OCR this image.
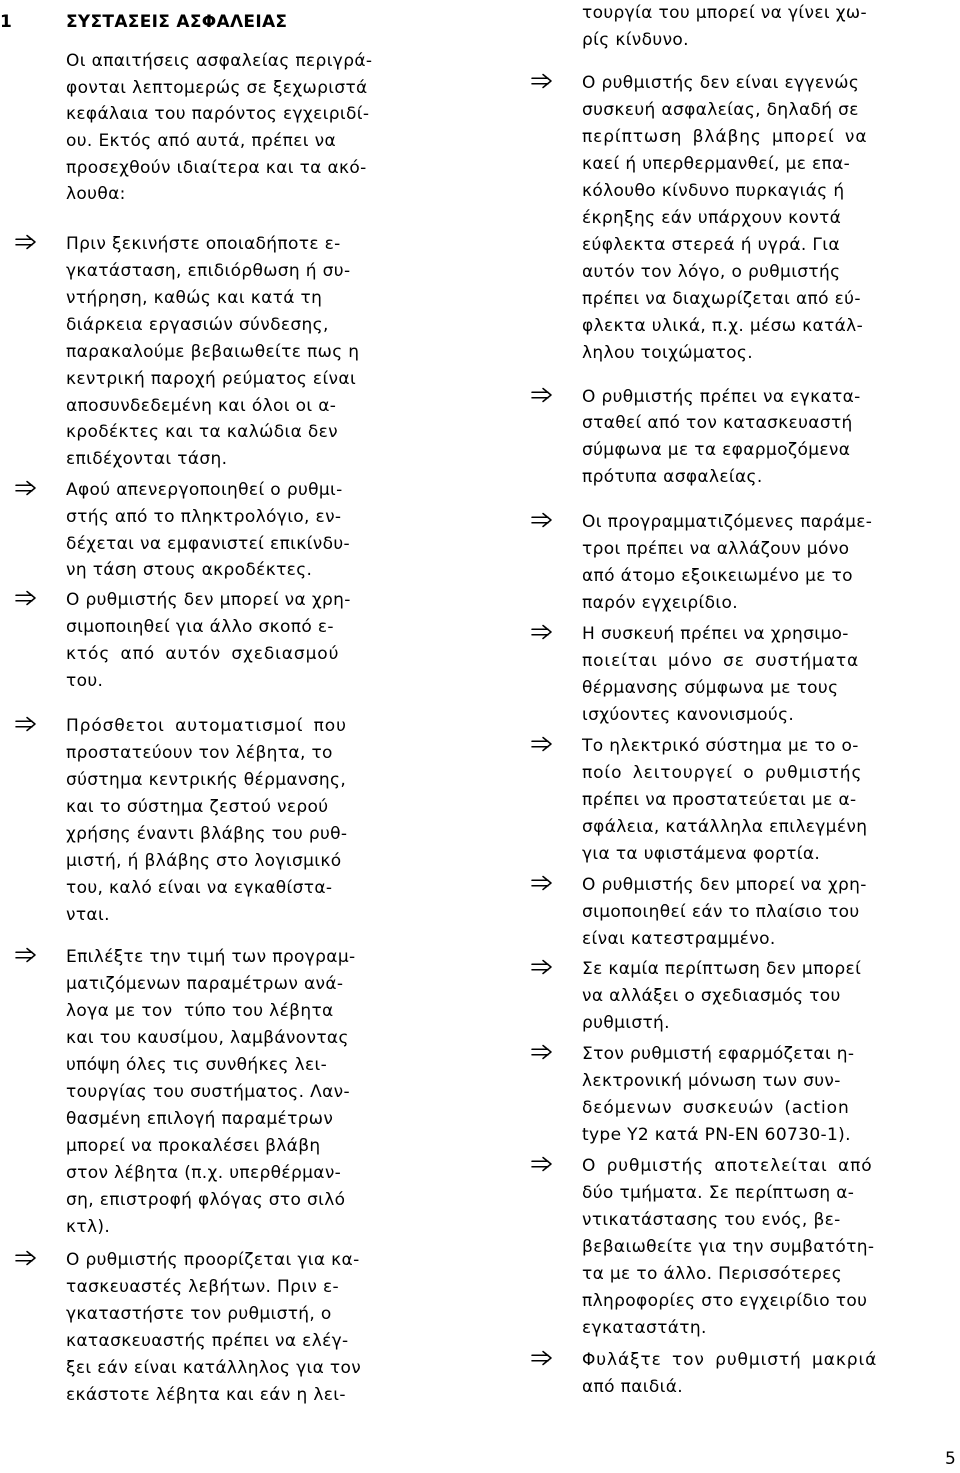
1	ΣΥΣΤΑΣΕΙΣ ΑΣΦΑΛΕΙΑΣ
Οι απαιτήσεις ασφαλείας περιγρά-
φονται λεπτομερώς σε ξεχωριστά
κεφάλαια του παρόντος εγχειριδί-
ου. Εκτός από αυτά, πρέπει να
προσεχθούν ιδιαίτερα και τα ακό-
λουθα:
Πριν ξεκινήστε οποιαδήποτε ε-
γκατάσταση, επιδιόρθωση ή συ-
ντήρηση, καθώς και κατά τη
διάρκεια εργασιών σύνδεσης,
παρακαλούμε βεβαιωθείτε πως η
κεντρική παροχή ρεύματος είναι
αποσυνδεδεμένη και όλοι οι α-
κροδέκτες και τα καλώδια δεν
επιδέχονται τάση.
Αφού απενεργοποιηθεί ο ρυθμι-
στής από το πληκτρολόγιο, εν-
δέχεται να εμφανιστεί επικίνδυ-
νη τάση στους ακροδέκτες.
Ο ρυθμιστής δεν μπορεί να χρη-
σιμοποιηθεί για άλλο σκοπό ε-
κτός από αυτόν σχεδιασμού
του.
Πρόσθετοι αυτοματισμοί που
προστατεύουν τον λέβητα, το
σύστημα κεντρικής θέρμανσης,
και το σύστημα ζεστού νερού
χρήσης έναντι βλάβης του ρυθ-
μιστή, ή βλάβης στο λογισμικό
του, καλό είναι να εγκαθίστα-
νται.
Επιλέξτε την τιμή των προγραμ-
ματιζόμενων παραμέτρων ανά-
λογα με τον  τύπο του λέβητα
και του καυσίμου, λαμβάνοντας
υπόψη όλες τις συνθήκες λει-
τουργίας του συστήματος. Λαν-
θασμένη επιλογή παραμέτρων
μπορεί να προκαλέσει βλάβη
στον λέβητα (π.χ. υπερθέρμαν-
ση, επιστροφή φλόγας στο σιλό
κτλ).
Ο ρυθμιστής προορίζεται για κα-
τασκευαστές λεβήτων. Πριν ε-
γκαταστήστε τον ρυθμιστή, ο
κατασκευαστής πρέπει να ελέγ-
ξει εάν είναι κατάλληλος για τον
εκάστοτε λέβητα και εάν η λει-
τουργία του μπορεί να γίνει χω-
ρίς κίνδυνο.
Ο ρυθμιστής δεν είναι εγγενώς
συσκευή ασφαλείας, δηλαδή σε
περίπτωση βλάβης μπορεί να
καεί ή υπερθερμανθεί, με επα-
κόλουθο κίνδυνο πυρκαγιάς ή
έκρηξης εάν υπάρχουν κοντά
εύφλεκτα στερεά ή υγρά. Για
αυτόν τον λόγο, ο ρυθμιστής
πρέπει να διαχωρίζεται από εύ-
φλεκτα υλικά, π.χ. μέσω κατάλ-
ληλου τοιχώματος.
Ο ρυθμιστής πρέπει να εγκατα-
σταθεί από τον κατασκευαστή
σύμφωνα με τα εφαρμοζόμενα
πρότυπα ασφαλείας.
Οι προγραμματιζόμενες παράμε-
τροι πρέπει να αλλάζουν μόνο
από άτομο εξοικειωμένο με το
παρόν εγχειρίδιο.
Η συσκευή πρέπει να χρησιμο-
ποιείται μόνο σε συστήματα
θέρμανσης σύμφωνα με τους
ισχύοντες κανονισμούς.
Το ηλεκτρικό σύστημα με το ο-
ποίο λειτουργεί ο ρυθμιστής
πρέπει να προστατεύεται με α-
σφάλεια, κατάλληλα επιλεγμένη
για τα υφιστάμενα φορτία.
Ο ρυθμιστής δεν μπορεί να χρη-
σιμοποιηθεί εάν το πλαίσιο του
είναι κατεστραμμένο.
Σε καμία περίπτωση δεν μπορεί
να αλλάξει ο σχεδιασμός του
ρυθμιστή.
Στον ρυθμιστή εφαρμόζεται η-
λεκτρονική μόνωση των συν-
δεόμενων συσκευών (action
type Y2 κατά PN-EN 60730-1).
Ο ρυθμιστής αποτελείται από
δύο τμήματα. Σε περίπτωση α-
ντικατάστασης του ενός, βε-
βεβαιωθείτε για την συμβατότη-
τα με το άλλο. Περισσότερες
πληροφορίες στο εγχειρίδιο του
εγκαταστάτη.
Φυλάξτε τον ρυθμιστή μακριά
από παιδιά.
5
